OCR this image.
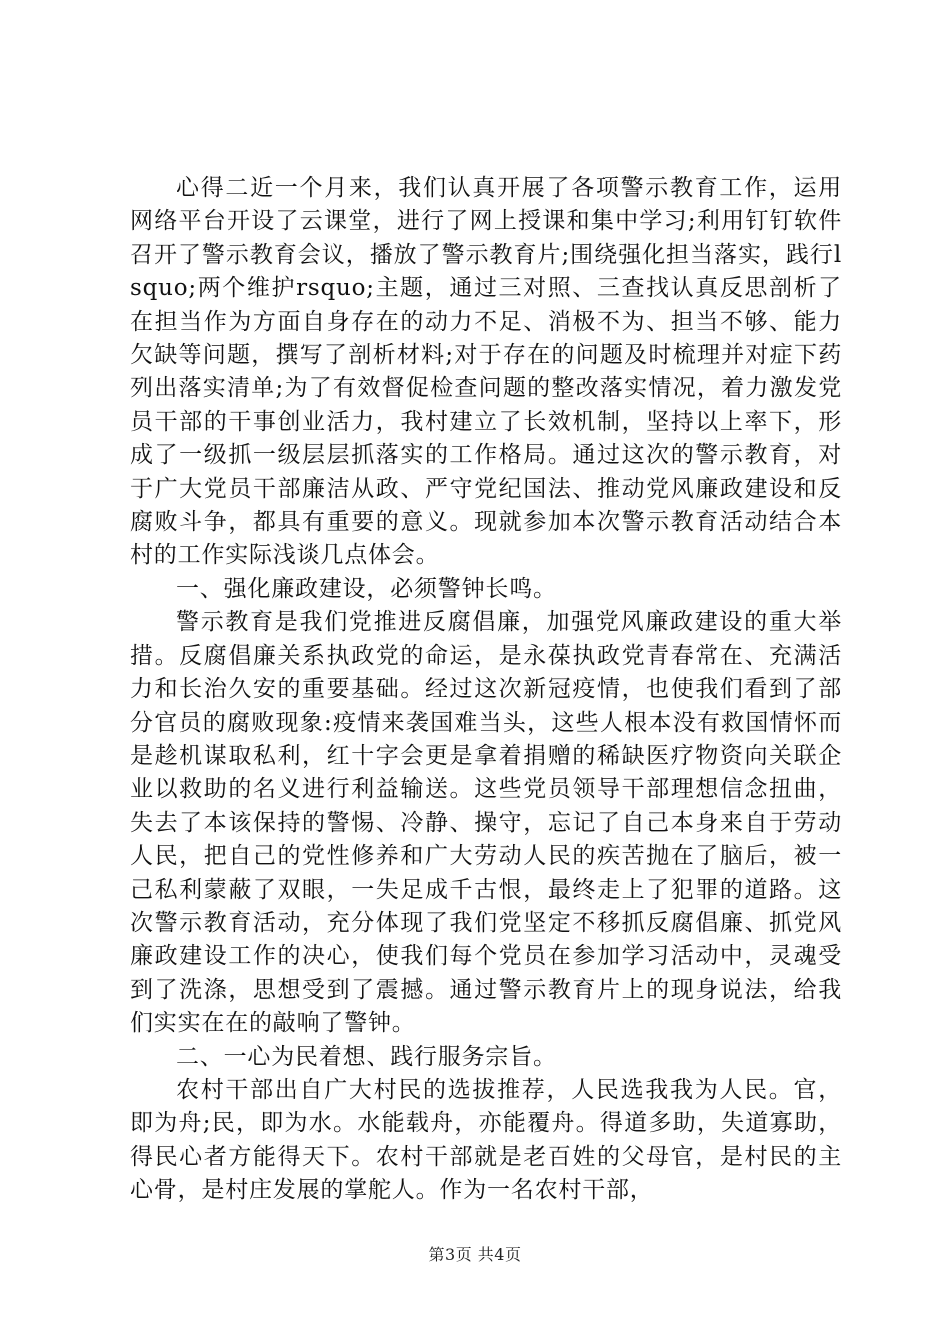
心得二近一个月来，我们认真开展了各项警示教育工作，运用网络平台开设了云课堂，进行了网上授课和集中学习;利用钉钉软件召开了警示教育会议，播放了警示教育片;围绕强化担当落实，践行lsquo;两个维护rsquo;主题，通过三对照、三查找认真反思剖析了在担当作为方面自身存在的动力不足、消极不为、担当不够、能力欠缺等问题，撰写了剖析材料;对于存在的问题及时梳理并对症下药列出落实清单;为了有效督促检查问题的整改落实情况，着力激发党员干部的干事创业活力，我村建立了长效机制，坚持以上率下，形成了一级抓一级层层抓落实的工作格局。通过这次的警示教育，对于广大党员干部廉洁从政、严守党纪国法、推动党风廉政建设和反腐败斗争，都具有重要的意义。现就参加本次警示教育活动结合本村的工作实际浅谈几点体会。

一、强化廉政建设，必须警钟长鸣。

警示教育是我们党推进反腐倡廉，加强党风廉政建设的重大举措。反腐倡廉关系执政党的命运，是永葆执政党青春常在、充满活力和长治久安的重要基础。经过这次新冠疫情，也使我们看到了部分官员的腐败现象:疫情来袭国难当头，这些人根本没有救国情怀而是趁机谋取私利，红十字会更是拿着捐赠的稀缺医疗物资向关联企业以救助的名义进行利益输送。这些党员领导干部理想信念扭曲，失去了本该保持的警惕、冷静、操守，忘记了自己本身来自于劳动人民，把自己的党性修养和广大劳动人民的疾苦抛在了脑后，被一己私利蒙蔽了双眼，一失足成千古恨，最终走上了犯罪的道路。这次警示教育活动，充分体现了我们党坚定不移抓反腐倡廉、抓党风廉政建设工作的决心，使我们每个党员在参加学习活动中，灵魂受到了洗涤，思想受到了震撼。通过警示教育片上的现身说法，给我们实实在在的敲响了警钟。

二、一心为民着想、践行服务宗旨。

农村干部出自广大村民的选拔推荐，人民选我我为人民。官，即为舟;民，即为水。水能载舟，亦能覆舟。得道多助，失道寡助，得民心者方能得天下。农村干部就是老百姓的父母官，是村民的主心骨，是村庄发展的掌舵人。作为一名农村干部，

第3页 共4页
